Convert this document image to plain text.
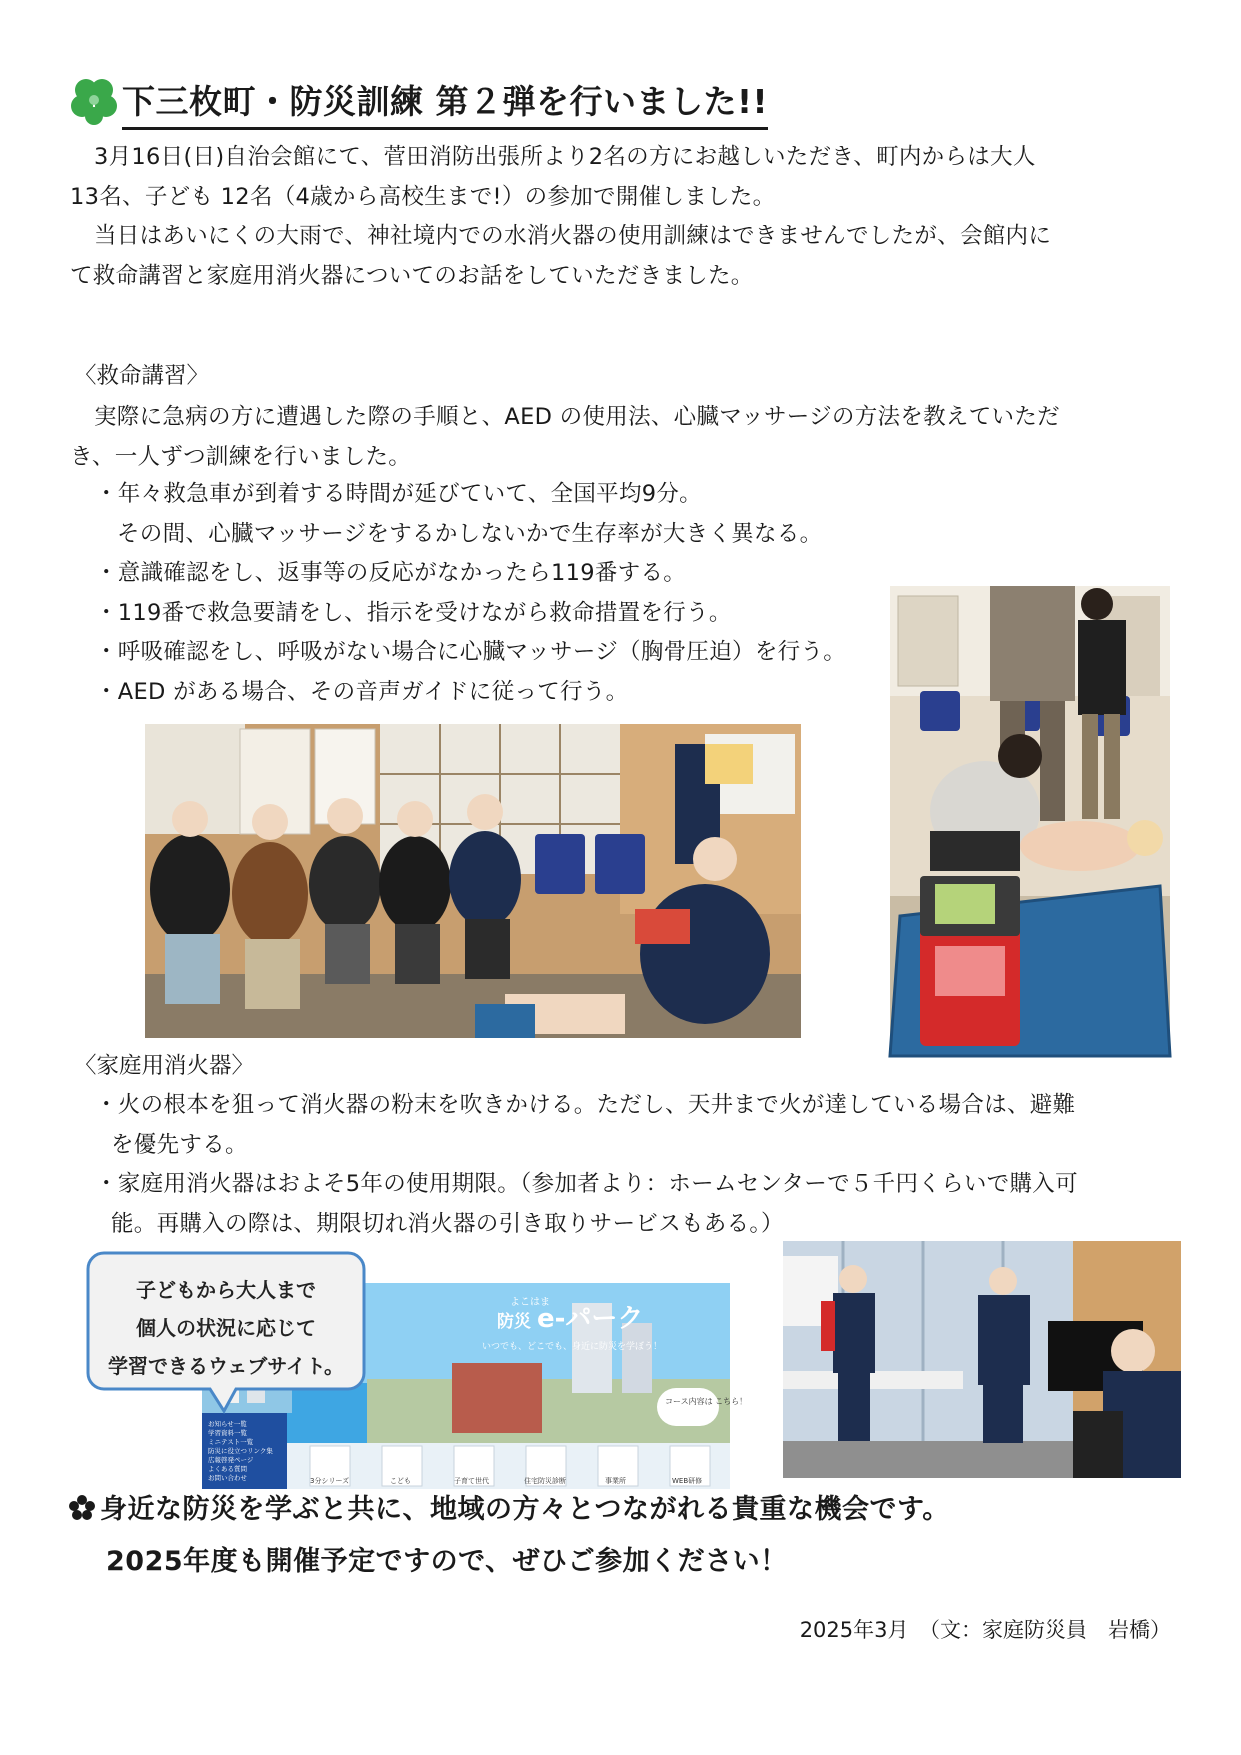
下三枚町・防災訓練 第２弾を行いました!!
3月16日(日)自治会館にて、菅田消防出張所より2名の方にお越しいただき、町内からは大人
13名、子ども 12名（4歳から高校生まで!）の参加で開催しました。
当日はあいにくの大雨で、神社境内での水消火器の使用訓練はできませんでしたが、会館内に
て救命講習と家庭用消火器についてのお話をしていただきました。
〈救命講習〉
実際に急病の方に遭遇した際の手順と、AED の使用法、心臓マッサージの方法を教えていただ
き、一人ずつ訓練を行いました。
・年々救急車が到着する時間が延びていて、全国平均9分。
その間、心臓マッサージをするかしないかで生存率が大きく異なる。
・意識確認をし、返事等の反応がなかったら119番する。
・119番で救急要請をし、指示を受けながら救命措置を行う。
・呼吸確認をし、呼吸がない場合に心臓マッサージ（胸骨圧迫）を行う。
・AED がある場合、その音声ガイドに従って行う。
〈家庭用消火器〉
・火の根本を狙って消火器の粉末を吹きかける。ただし、天井まで火が達している場合は、避難
を優先する。
・家庭用消火器はおよそ5年の使用期限。（参加者より：ホームセンターで５千円くらいで購入可
能。再購入の際は、期限切れ消火器の引き取りサービスもある。）
よこはま
防災 e-パーク
いつでも、どこでも、身近に防災を学ぼう！
コース内容は こちら！
お知らせ一覧
学習資料一覧
ミニテスト一覧
防災に役立つリンク集
広報啓発ページ
よくある質問
お問い合わせ	3分シリーズ	こども	子育て世代	住宅防災診断	事業所	WEB研修
子どもから大人まで
個人の状況に応じて
学習できるウェブサイト。
身近な防災を学ぶと共に、地域の方々とつながれる貴重な機会です。
2025年度も開催予定ですので、ぜひご参加ください！
2025年3月　（文：家庭防災員　岩橋）
